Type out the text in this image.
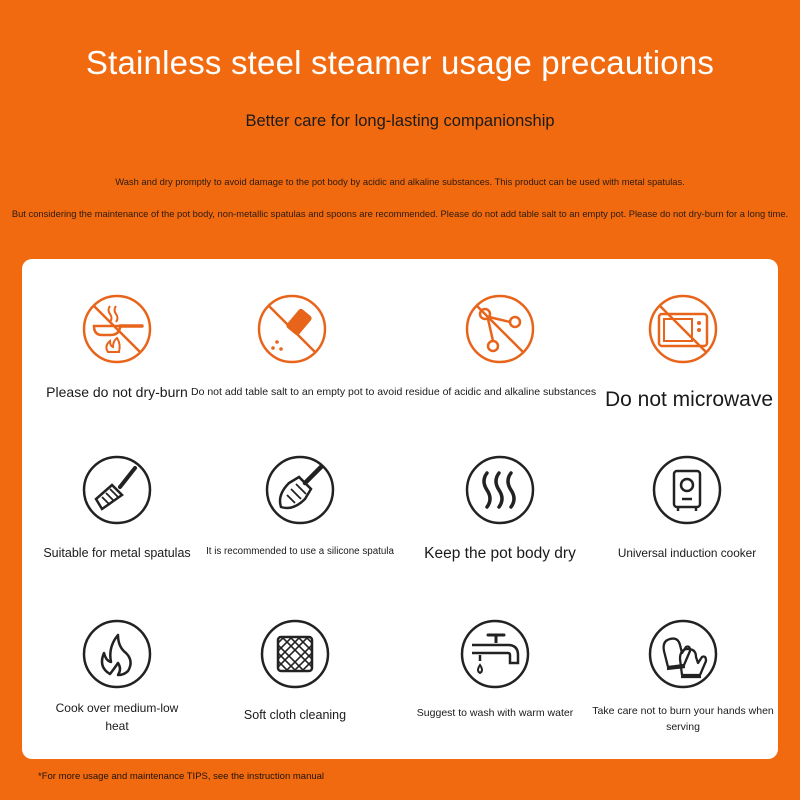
Stainless steel steamer usage precautions
Better care for long-lasting companionship
Wash and dry promptly to avoid damage to the pot body by acidic and alkaline substances. This product can be used with metal spatulas.
But considering the maintenance of the pot body, non-metallic spatulas and spoons are recommended. Please do not add table salt to an empty pot. Please do not dry-burn for a long time.
Please do not dry-burn Do not add table salt to an empty pot to avoid residue of acidic and alkaline substances Do not microwave
Suitable for metal spatulas	It is recommended to use a silicone spatula	Keep the pot body dry	Universal induction cooker
Cook over medium-low heat
Soft cloth cleaning	Suggest to wash with warm water	Take care not to burn your hands when serving
*For more usage and maintenance TIPS, see the instruction manual
